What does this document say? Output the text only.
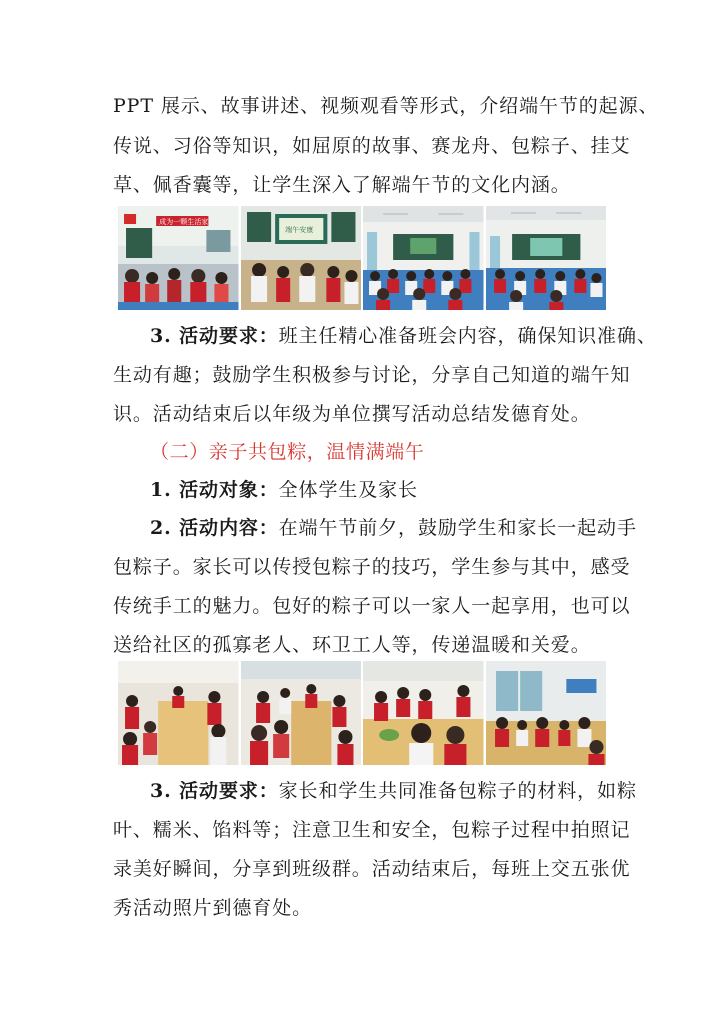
PPT 展示、故事讲述、视频观看等形式，介绍端午节的起源、
传说、习俗等知识，如屈原的故事、赛龙舟、包粽子、挂艾
草、佩香囊等，让学生深入了解端午节的文化内涵。
成为一颗生活家
端午安康
3. 活动要求：班主任精心准备班会内容，确保知识准确、
生动有趣；鼓励学生积极参与讨论，分享自己知道的端午知
识。活动结束后以年级为单位撰写活动总结发德育处。
（二）亲子共包粽，温情满端午
1. 活动对象：全体学生及家长
2. 活动内容：在端午节前夕，鼓励学生和家长一起动手
包粽子。家长可以传授包粽子的技巧，学生参与其中，感受
传统手工的魅力。包好的粽子可以一家人一起享用，也可以
送给社区的孤寡老人、环卫工人等，传递温暖和关爱。
3. 活动要求：家长和学生共同准备包粽子的材料，如粽
叶、糯米、馅料等；注意卫生和安全，包粽子过程中拍照记
录美好瞬间，分享到班级群。活动结束后，每班上交五张优
秀活动照片到德育处。
